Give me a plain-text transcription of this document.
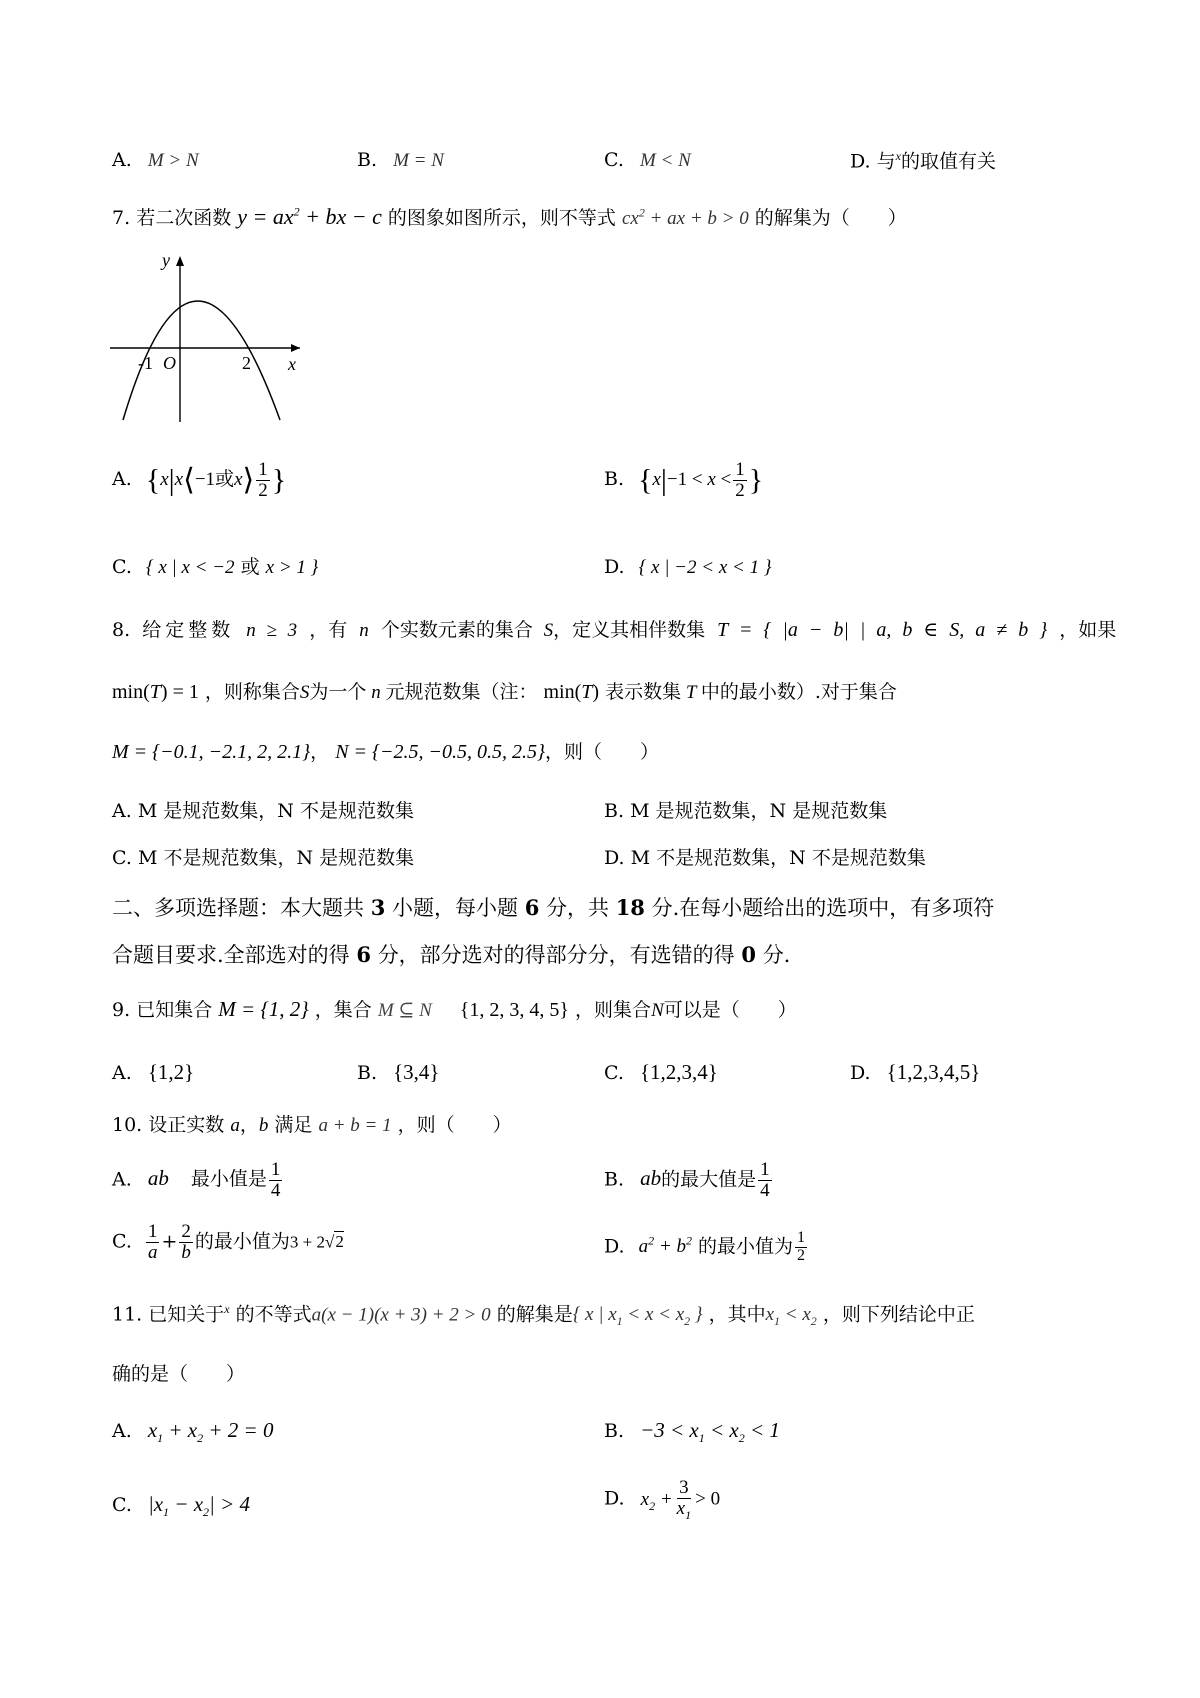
A. M > N	B. M = N	C. M < N	D. 与$^x$的取值有关
7. 若二次函数 $y = ax^2$ + bx − c 的图象如图所示，则不等式 $cx^2$ + ax + b > 0 的解集为（　　）
y
x
-1 O	2
A. {x|x⟨−1或x⟩ $\frac{1}{2}$ }	B. {$x|-1 < x < \frac{1}{2}$ }
C. { x | x < −2 或 x > 1 }	D. { x | −2 < x < 1 }
8. 给定整数 n ≥ 3 ，有 n 个实数元素的集合 S，定义其相伴数集 T = { |a − b| | a, b ∈ S, a ≠ b } ，如果
min(T) = 1 ，则称集合S为一个 n 元规范数集（注： min(T) 表示数集 T 中的最小数）.对于集合
M = {−0.1, −2.1, 2, 2.1}， N = {−2.5, −0.5, 0.5, 2.5}，则（　　）
A. M 是规范数集，N 不是规范数集	B. M 是规范数集，N 是规范数集
C. M 不是规范数集，N 是规范数集	D. M 不是规范数集，N 不是规范数集
二、多项选择题：本大题共 3 小题，每小题 6 分，共 18 分.在每小题给出的选项中，有多项符
合题目要求.全部选对的得 6 分，部分选对的得部分分，有选错的得 0 分.
9. 已知集合 M = {1, 2} ，集合 M ⊆ N {1, 2, 3, 4, 5} ，则集合N可以是（　　）
A. {1,2}	B. {3,4}	C. {1,2,3,4}	D. {1,2,3,4,5}
10. 设正实数 a，b 满足 a + b = 1 ，则（　　）
A. ab 最小值是 $\frac{1}{4}$	B. ab的最大值是 $\frac{1}{4}$
C. $\frac{1}{a} + \frac{2}{b}$ 的最小值为3 + 2√2	D. $a^2 + b^2$ 的最小值为 $\frac{1}{2}$
11. 已知关于$^x$ 的不等式a(x − 1)(x + 3) + 2 > 0 的解集是{ x | $x_1 < x < x_2$ } ，其中$x_1 < x_2$ ，则下列结论中正
确的是（　　）
A. $x_1 + x_2 + 2 = 0$	B. $-3 < x_1 < x_2 < 1$
C. $|x_1 - x_2| > 4$	D. $x_2 + \frac{3}{x_1} > 0$
